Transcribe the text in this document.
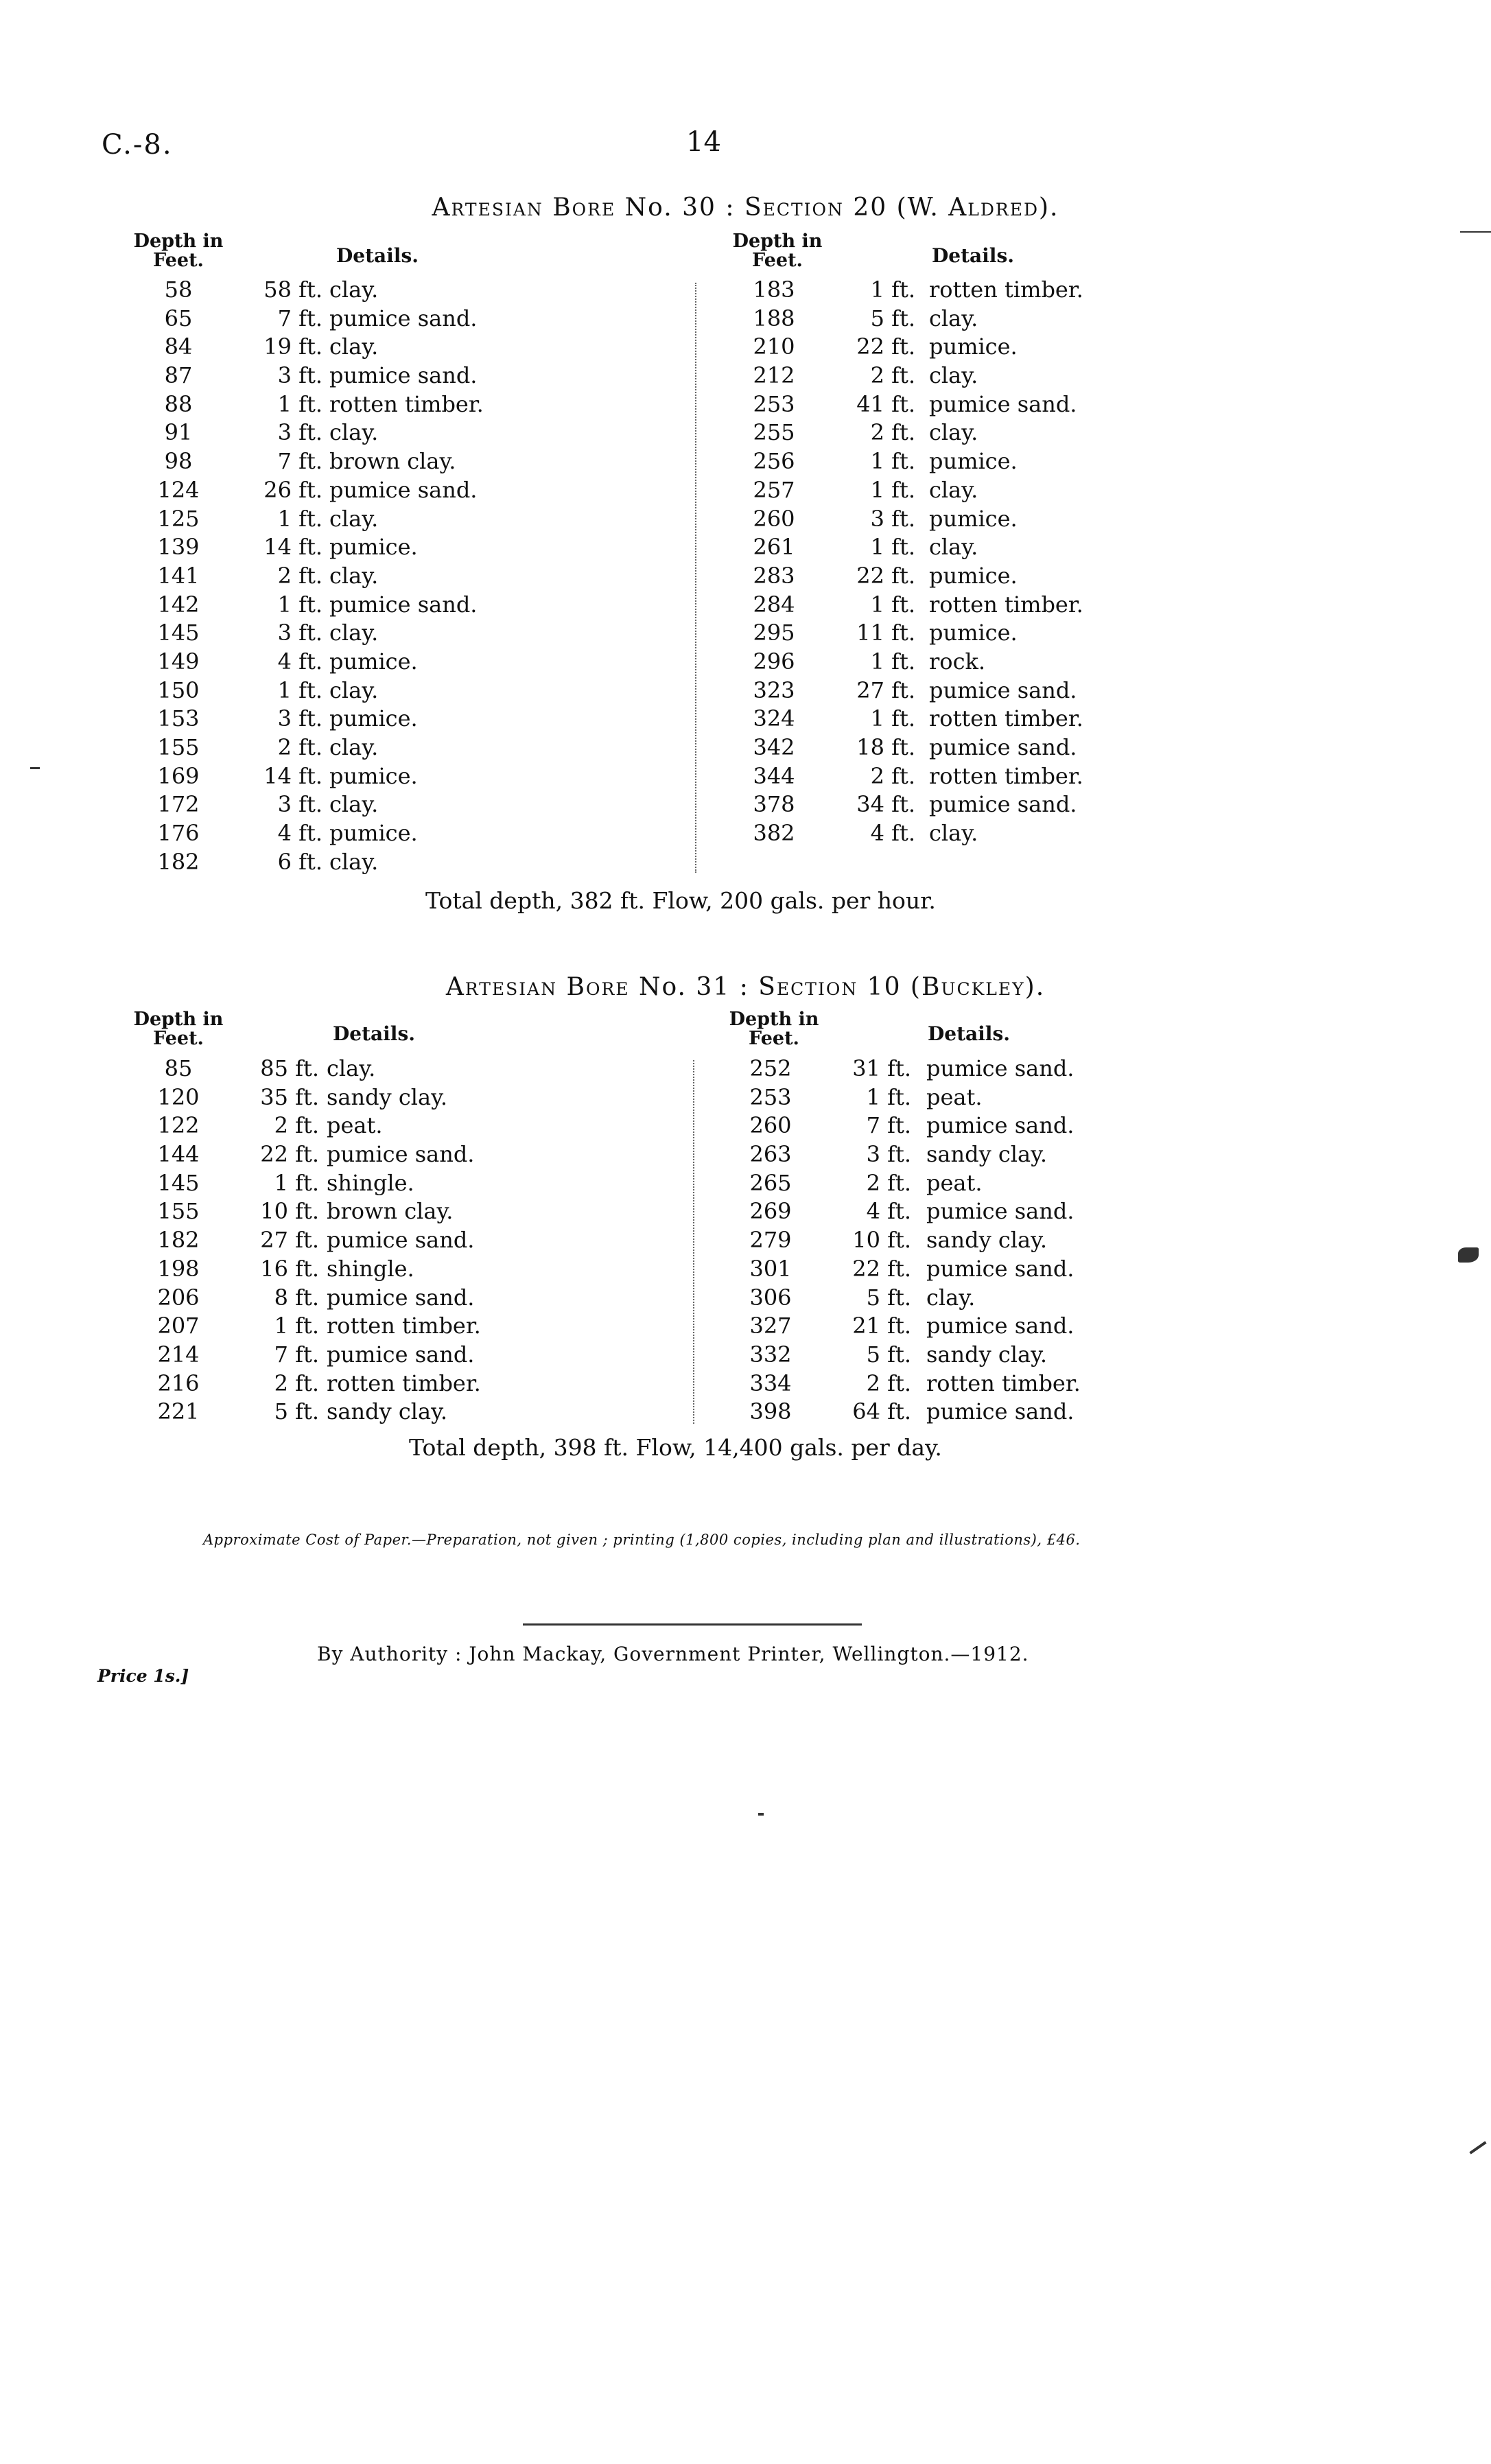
C.-8.	14
Artesian Bore No. 30 : Section 20 (W. Aldred).
Depth in Feet.	Details.
Depth in Feet.	Details.
58	58 ft. clay.
65	7 ft. pumice sand.
84	19 ft. clay.
87	3 ft. pumice sand.
88	1 ft. rotten timber.
91	3 ft. clay.
98	7 ft. brown clay.
124	26 ft. pumice sand.
125	1 ft. clay.
139	14 ft. pumice.
141	2 ft. clay.
142	1 ft. pumice sand.
145	3 ft. clay.
149	4 ft. pumice.
150	1 ft. clay.
153	3 ft. pumice.
155	2 ft. clay.
169	14 ft. pumice.
172	3 ft. clay.
176	4 ft. pumice.
182	6 ft. clay.
183	1 ft. rotten timber.
188	5 ft. clay.
210	22 ft. pumice.
212	2 ft. clay.
253	41 ft. pumice sand.
255	2 ft. clay.
256	1 ft. pumice.
257	1 ft. clay.
260	3 ft. pumice.
261	1 ft. clay.
283	22 ft. pumice.
284	1 ft. rotten timber.
295	11 ft. pumice.
296	1 ft. rock.
323	27 ft. pumice sand.
324	1 ft. rotten timber.
342	18 ft. pumice sand.
344	2 ft. rotten timber.
378	34 ft. pumice sand.
382	4 ft. clay.
Total depth, 382 ft. Flow, 200 gals. per hour.
Artesian Bore No. 31 : Section 10 (Buckley).
Depth in Feet.	Details.
Depth in Feet.	Details.
85	85 ft. clay.
120	35 ft. sandy clay.
122	2 ft. peat.
144	22 ft. pumice sand.
145	1 ft. shingle.
155	10 ft. brown clay.
182	27 ft. pumice sand.
198	16 ft. shingle.
206	8 ft. pumice sand.
207	1 ft. rotten timber.
214	7 ft. pumice sand.
216	2 ft. rotten timber.
221	5 ft. sandy clay.
252	31 ft. pumice sand.
253	1 ft. peat.
260	7 ft. pumice sand.
263	3 ft. sandy clay.
265	2 ft. peat.
269	4 ft. pumice sand.
279	10 ft. sandy clay.
301	22 ft. pumice sand.
306	5 ft. clay.
327	21 ft. pumice sand.
332	5 ft. sandy clay.
334	2 ft. rotten timber.
398	64 ft. pumice sand.
Total depth, 398 ft. Flow, 14,400 gals. per day.
Approximate Cost of Paper.—Preparation, not given ; printing (1,800 copies, including plan and illustrations), £46.
By Authority : John Mackay, Government Printer, Wellington.—1912.
Price 1s.]
